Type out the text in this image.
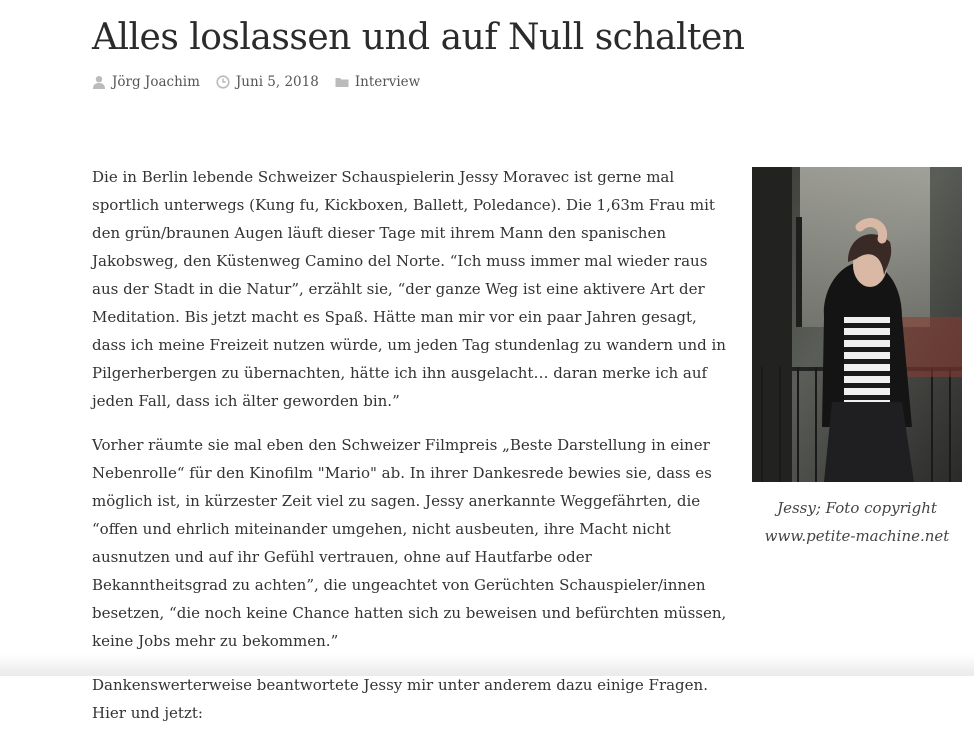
Alles loslassen und auf Null schalten
Jörg Joachim	Juni 5, 2018	Interview

Die in Berlin lebende Schweizer Schauspielerin Jessy Moravec ist gerne mal sportlich unterwegs (Kung fu, Kickboxen, Ballett, Poledance). Die 1,63m Frau mit den grün/braunen Augen läuft dieser Tage mit ihrem Mann den spanischen Jakobsweg, den Küstenweg Camino del Norte. “Ich muss immer mal wieder raus aus der Stadt in die Natur”, erzählt sie, “der ganze Weg ist eine aktivere Art der Meditation. Bis jetzt macht es Spaß. Hätte man mir vor ein paar Jahren gesagt, dass ich meine Freizeit nutzen würde, um jeden Tag stundenlag zu wandern und in Pilgerherbergen zu übernachten, hätte ich ihn ausgelacht… daran merke ich auf jeden Fall, dass ich älter geworden bin.”

Vorher räumte sie mal eben den Schweizer Filmpreis „Beste Darstellung in einer Nebenrolle“ für den Kinofilm "Mario" ab. In ihrer Dankesrede bewies sie, dass es möglich ist, in kürzester Zeit viel zu sagen. Jessy anerkannte Weggefährten, die “offen und ehrlich miteinander umgehen, nicht ausbeuten, ihre Macht nicht ausnutzen und auf ihr Gefühl vertrauen, ohne auf Hautfarbe oder Bekanntheitsgrad zu achten”, die ungeachtet von Gerüchten Schauspieler/innen besetzen, “die noch keine Chance hatten sich zu beweisen und befürchten müssen, keine Jobs mehr zu bekommen.”

Dankenswerterweise beantwortete Jessy mir unter anderem dazu einige Fragen. Hier und jetzt:

Jessy; Foto copyright
www.petite-machine.net
